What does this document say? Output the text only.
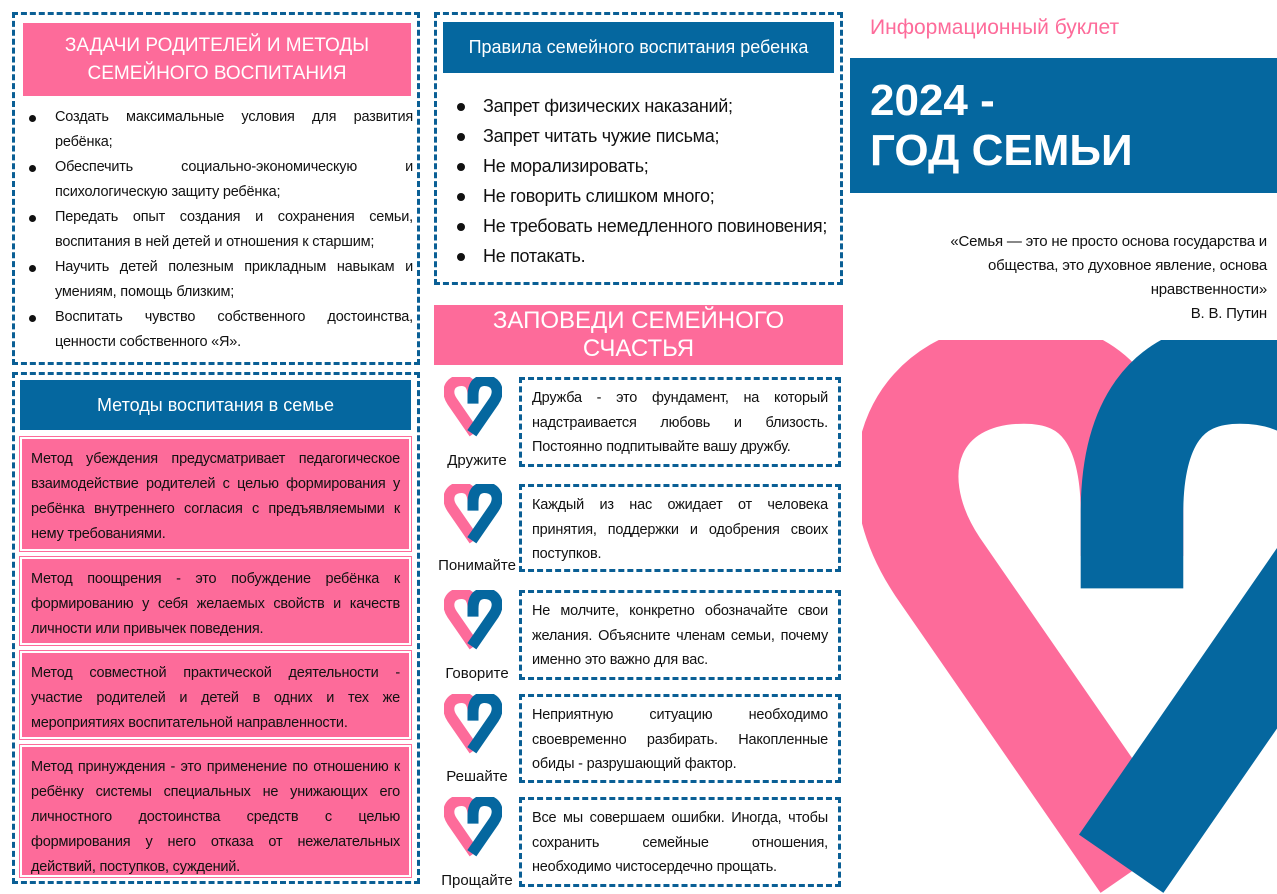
ЗАДАЧИ РОДИТЕЛЕЙ И МЕТОДЫ
СЕМЕЙНОГО ВОСПИТАНИЯ
Создать максимальные условия для развития ребёнка;
Обеспечить социально-экономическую и психологическую защиту ребёнка;
Передать опыт создания и сохранения семьи, воспитания в ней детей и отношения к старшим;
Научить детей полезным прикладным навыкам и умениям, помощь близким;
Воспитать чувство собственного достоинства, ценности собственного «Я».
Методы воспитания в семье
Метод убеждения предусматривает педагогическое взаимодействие родителей с целью формирования у ребёнка внутреннего согласия с предъявляемыми к нему требованиями.
Метод поощрения - это побуждение ребёнка к формированию у себя желаемых свойств и качеств личности или привычек поведения.
Метод совместной практической деятельности - участие родителей и детей в одних и тех же мероприятиях воспитательной направленности.
Метод принуждения - это применение по отношению к ребёнку системы специальных не унижающих его личностного достоинства средств с целью формирования у него отказа от нежелательных действий, поступков, суждений.
Правила семейного воспитания ребенка
Запрет физических наказаний;
Запрет читать чужие письма;
Не морализировать;
Не говорить слишком много;
Не требовать немедленного повиновения;
Не потакать.
ЗАПОВЕДИ СЕМЕЙНОГО СЧАСТЬЯ
Дружите
Дружба - это фундамент, на который надстраивается любовь и близость. Постоянно подпитывайте вашу дружбу.
Понимайте
Каждый из нас ожидает от человека принятия, поддержки и одобрения своих поступков.
Говорите
Не молчите, конкретно обозначайте свои желания. Объясните членам семьи, почему именно это важно для вас.
Решайте
Неприятную ситуацию необходимо своевременно разбирать. Накопленные обиды - разрушающий фактор.
Прощайте
Все мы совершаем ошибки. Иногда, чтобы сохранить семейные отношения, необходимо чистосердечно прощать.
Информационный буклет
2024 -
ГОД СЕМЬИ
«Семья — это не просто основа государства и общества, это духовное явление, основа нравственности»
В. В. Путин
